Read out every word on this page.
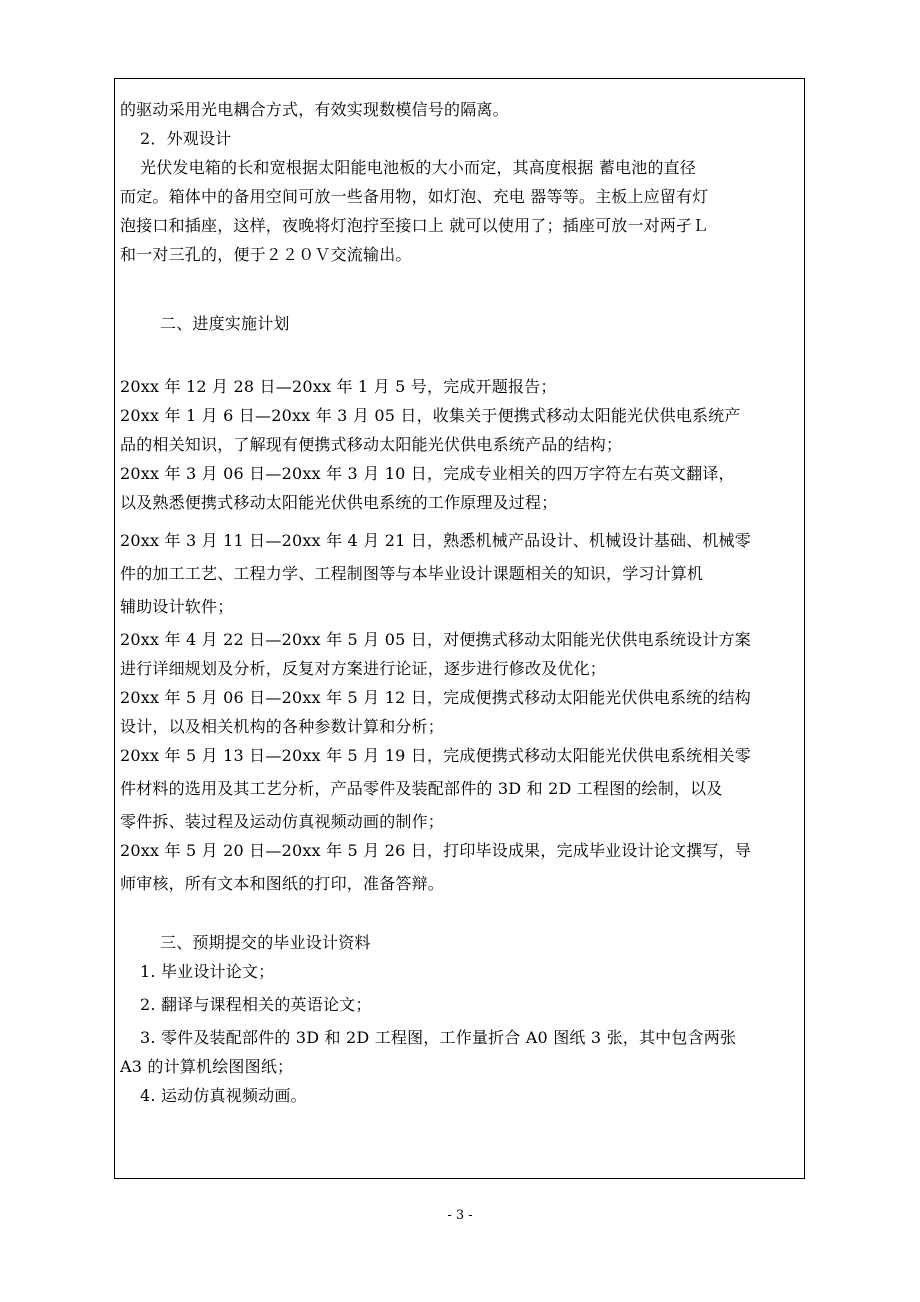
的驱动采用光电耦合方式，有效实现数模信号的隔离。
2．外观设计
光伏发电箱的长和宽根据太阳能电池板的大小而定，其高度根据 蓄电池的直径
而定。箱体中的备用空间可放一些备用物，如灯泡、充电 器等等。主板上应留有灯
泡接口和插座，这样，夜晚将灯泡拧至接口上 就可以使用了；插座可放一对两孑Ｌ
和一对三孔的，便于２２０Ｖ交流输出。
二、进度实施计划
20xx 年 12 月 28 日—20xx 年 1 月 5 号，完成开题报告；
20xx 年 1 月 6 日—20xx 年 3 月 05 日，收集关于便携式移动太阳能光伏供电系统产
品的相关知识，了解现有便携式移动太阳能光伏供电系统产品的结构；
20xx 年 3 月 06 日—20xx 年 3 月 10 日，完成专业相关的四万字符左右英文翻译，
以及熟悉便携式移动太阳能光伏供电系统的工作原理及过程；
20xx 年 3 月 11 日—20xx 年 4 月 21 日，熟悉机械产品设计、机械设计基础、机械零
件的加工工艺、工程力学、工程制图等与本毕业设计课题相关的知识，学习计算机
辅助设计软件；
20xx 年 4 月 22 日—20xx 年 5 月 05 日，对便携式移动太阳能光伏供电系统设计方案
进行详细规划及分析，反复对方案进行论证，逐步进行修改及优化；
20xx 年 5 月 06 日—20xx 年 5 月 12 日，完成便携式移动太阳能光伏供电系统的结构
设计，以及相关机构的各种参数计算和分析；
20xx 年 5 月 13 日—20xx 年 5 月 19 日，完成便携式移动太阳能光伏供电系统相关零
件材料的选用及其工艺分析，产品零件及装配部件的 3D 和 2D 工程图的绘制，以及
零件拆、装过程及运动仿真视频动画的制作；
20xx 年 5 月 20 日—20xx 年 5 月 26 日，打印毕设成果，完成毕业设计论文撰写，导
师审核，所有文本和图纸的打印，准备答辩。
三、预期提交的毕业设计资料
1. 毕业设计论文；
2. 翻译与课程相关的英语论文；
3. 零件及装配部件的 3D 和 2D 工程图，工作量折合 A0 图纸 3 张，其中包含两张
A3 的计算机绘图图纸；
4. 运动仿真视频动画。
- 3 -
